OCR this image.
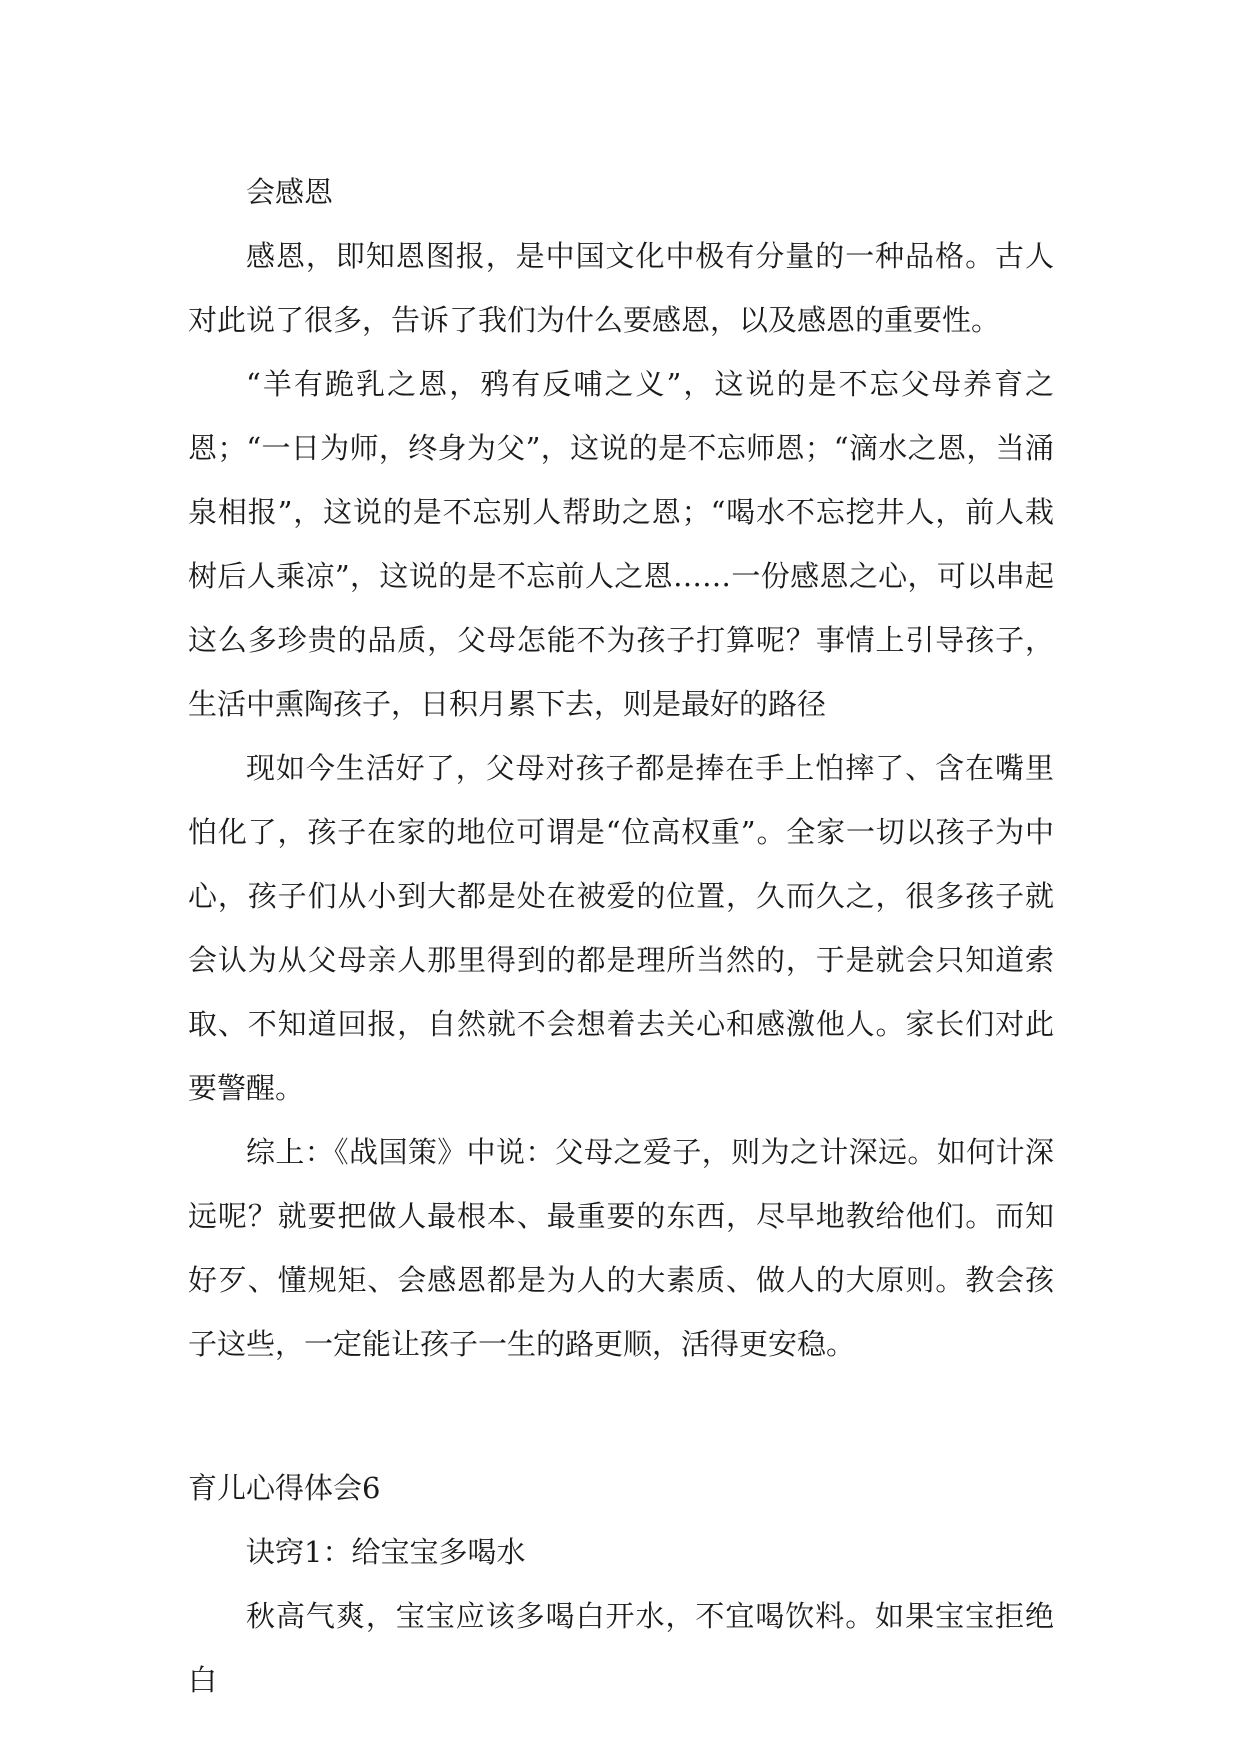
会感恩

感恩，即知恩图报，是中国文化中极有分量的一种品格。古人对此说了很多，告诉了我们为什么要感恩，以及感恩的重要性。

“羊有跪乳之恩，鸦有反哺之义”，这说的是不忘父母养育之恩；“一日为师，终身为父”，这说的是不忘师恩；“滴水之恩，当涌泉相报”，这说的是不忘别人帮助之恩；“喝水不忘挖井人，前人栽树后人乘凉”，这说的是不忘前人之恩……一份感恩之心，可以串起这么多珍贵的品质，父母怎能不为孩子打算呢？事情上引导孩子，生活中熏陶孩子，日积月累下去，则是最好的路径

现如今生活好了，父母对孩子都是捧在手上怕摔了、含在嘴里怕化了，孩子在家的地位可谓是“位高权重”。全家一切以孩子为中心，孩子们从小到大都是处在被爱的位置，久而久之，很多孩子就会认为从父母亲人那里得到的都是理所当然的，于是就会只知道索取、不知道回报，自然就不会想着去关心和感激他人。家长们对此要警醒。

综上：《战国策》中说：父母之爱子，则为之计深远。如何计深远呢？就要把做人最根本、最重要的东西，尽早地教给他们。而知好歹、懂规矩、会感恩都是为人的大素质、做人的大原则。教会孩子这些，一定能让孩子一生的路更顺，活得更安稳。

育儿心得体会6

诀窍1：给宝宝多喝水

秋高气爽，宝宝应该多喝白开水，不宜喝饮料。如果宝宝拒绝白
